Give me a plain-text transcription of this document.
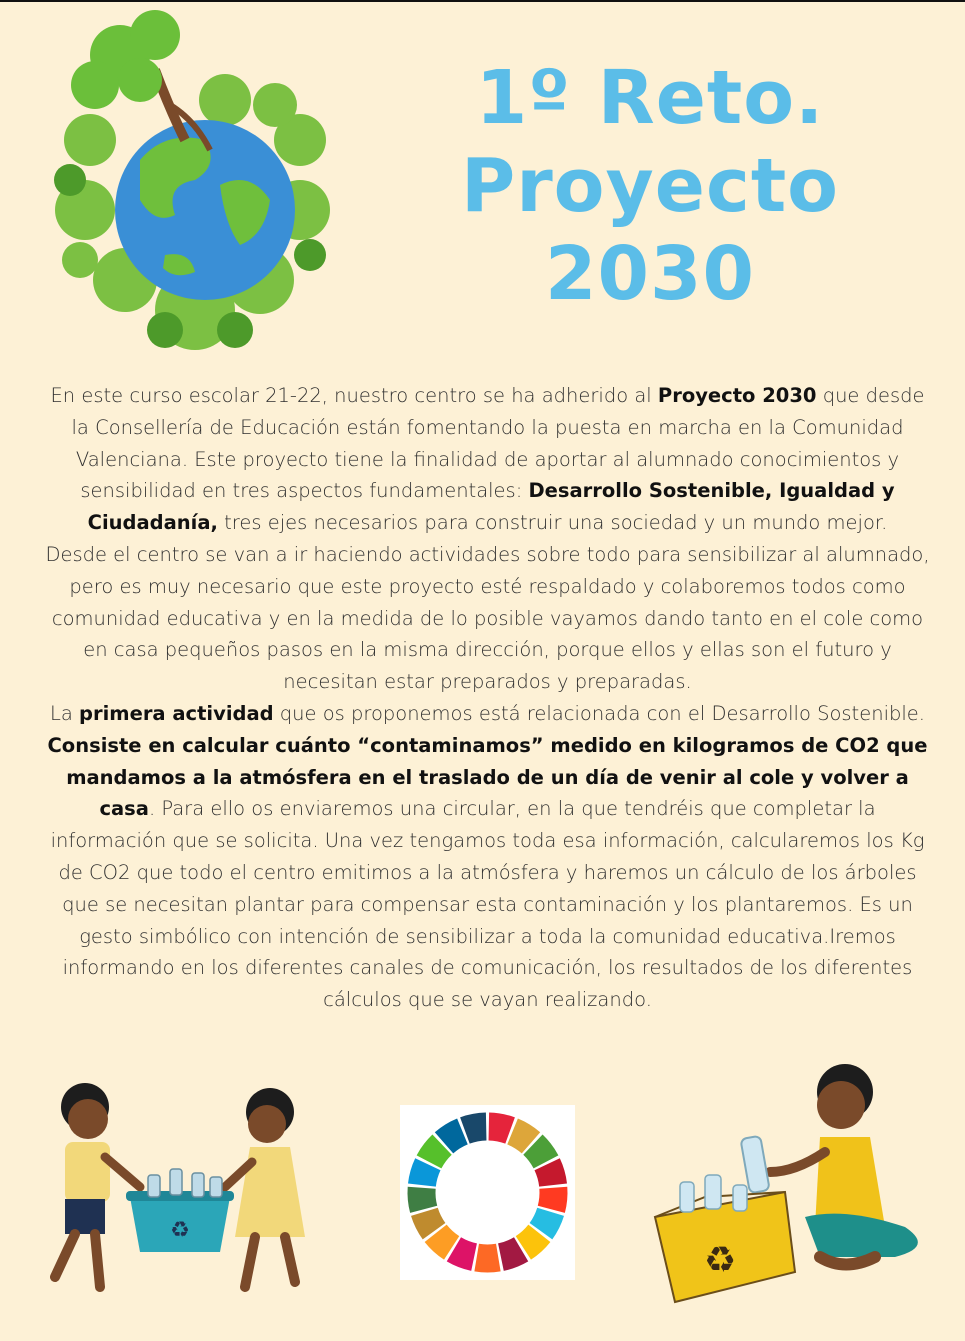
1º Reto.
Proyecto
2030

En este curso escolar 21-22, nuestro centro se ha adherido al Proyecto 2030 que desde la Consellería de Educación están fomentando la puesta en marcha en la Comunidad Valenciana. Este proyecto tiene la finalidad de aportar al alumnado conocimientos y sensibilidad en tres aspectos fundamentales: Desarrollo Sostenible, Igualdad y Ciudadanía, tres ejes necesarios para construir una sociedad y un mundo mejor.

Desde el centro se van a ir haciendo actividades sobre todo para sensibilizar al alumnado, pero es muy necesario que este proyecto esté respaldado y colaboremos todos como comunidad educativa y en la medida de lo posible vayamos dando tanto en el cole como en casa pequeños pasos en la misma dirección, porque ellos y ellas son el futuro y necesitan estar preparados y preparadas.

La primera actividad que os proponemos está relacionada con el Desarrollo Sostenible. Consiste en calcular cuánto “contaminamos” medido en kilogramos de CO2 que mandamos a la atmósfera en el traslado de un día de venir al cole y volver a casa. Para ello os enviaremos una circular, en la que tendréis que completar la información que se solicita. Una vez tengamos toda esa información, calcularemos los Kg de CO2 que todo el centro emitimos a la atmósfera y haremos un cálculo de los árboles que se necesitan plantar para compensar esta contaminación y los plantaremos. Es un gesto simbólico con intención de sensibilizar a toda la comunidad educativa.Iremos informando en los diferentes canales de comunicación, los resultados de los diferentes cálculos que se vayan realizando.

♻
♻
